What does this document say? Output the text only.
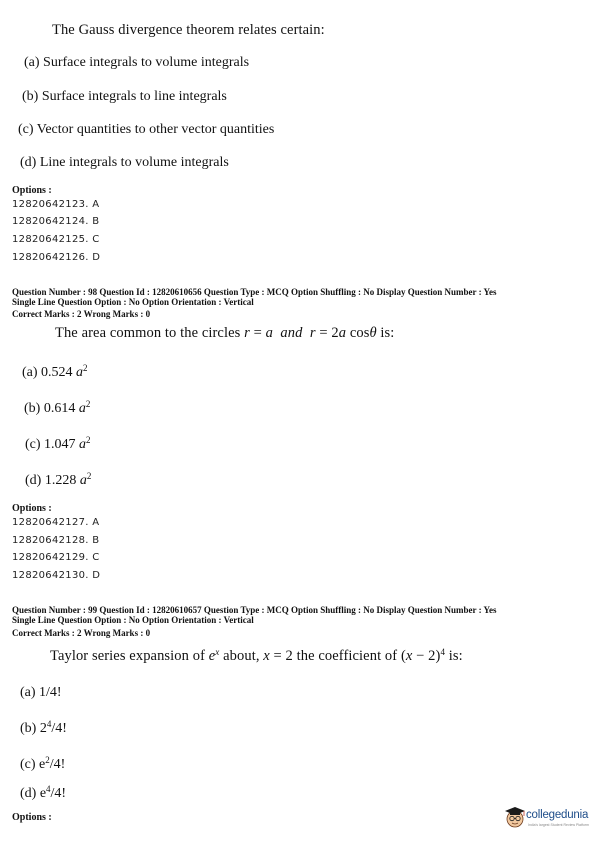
The Gauss divergence theorem relates certain:
(a) Surface integrals to volume integrals
(b) Surface integrals to line integrals
(c) Vector quantities to other vector quantities
(d) Line integrals to volume integrals
Options :
12820642123. A
12820642124. B
12820642125. C
12820642126. D
Question Number : 98 Question Id : 12820610656 Question Type : MCQ Option Shuffling : No Display Question Number : Yes
Single Line Question Option : No Option Orientation : Vertical
Correct Marks : 2 Wrong Marks : 0
The area common to the circles r = a and r = 2a cosθ is:
(a) 0.524 $a^2$
(b) 0.614 $a^2$
(c) 1.047 $a^2$
(d) 1.228 $a^2$
Options :
12820642127. A
12820642128. B
12820642129. C
12820642130. D
Question Number : 99 Question Id : 12820610657 Question Type : MCQ Option Shuffling : No Display Question Number : Yes
Single Line Question Option : No Option Orientation : Vertical
Correct Marks : 2 Wrong Marks : 0
Taylor series expansion of $e^x$ about, x = 2 the coefficient of $(x - 2)^4$ is:
(a) 1/4!
(b) $2^4/4$!
(c) $e^2/4$!
(d) $e^4/4$!
Options :	collegedunia
India's largest Student Review Platform
